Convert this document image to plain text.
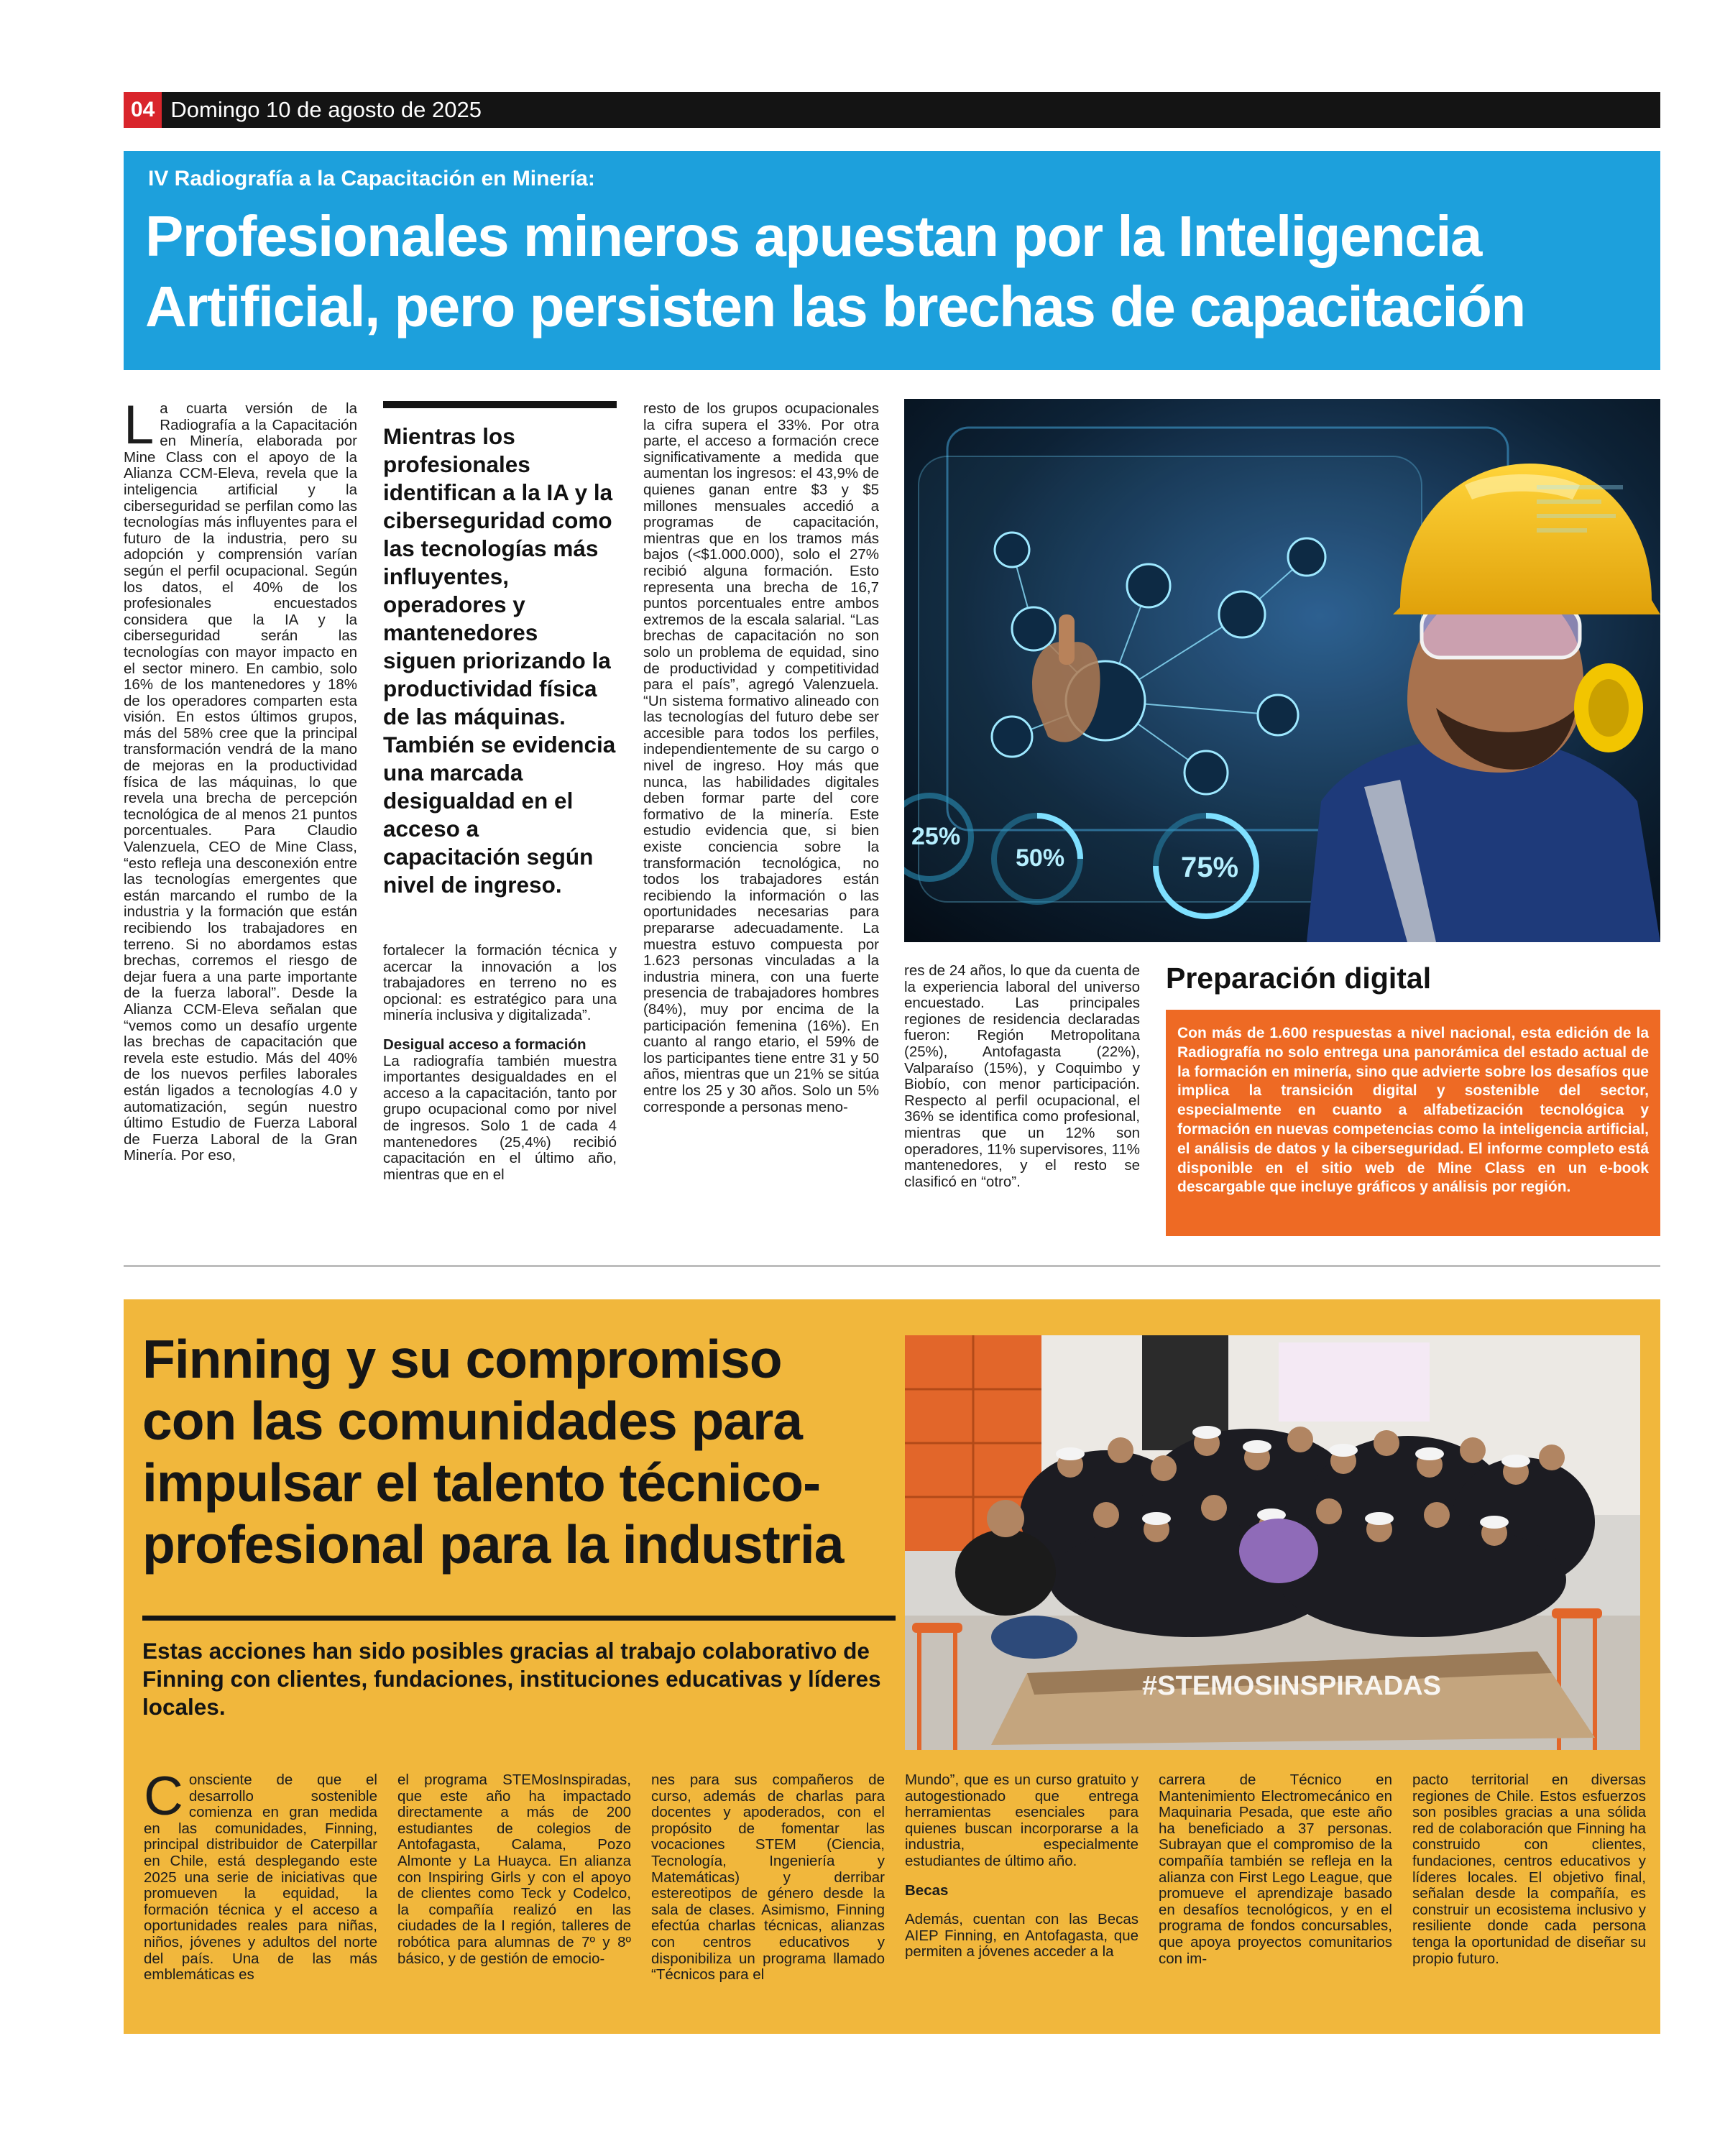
04 Domingo 10 de agosto de 2025
IV Radiografía a la Capacitación en Minería:
Profesionales mineros apuestan por la Inteligencia Artificial, pero persisten las brechas de capacitación
L a cuarta versión de la Radiografía a la Capacitación en Minería, elaborada por Mine Class con el apoyo de la Alianza CCM-Eleva, revela que la inteligencia artificial y la ciberseguridad se perfilan como las tecnologías más influyentes para el futuro de la industria, pero su adopción y comprensión varían según el perfil ocupacional. Según los datos, el 40% de los profesionales encuestados considera que la IA y la ciberseguridad serán las tecnologías con mayor impacto en el sector minero. En cambio, solo 16% de los mantenedores y 18% de los operadores comparten esta visión. En estos últimos grupos, más del 58% cree que la principal transformación vendrá de la mano de mejoras en la productividad física de las máquinas, lo que revela una brecha de percepción tecnológica de al menos 21 puntos porcentuales. Para Claudio Valenzuela, CEO de Mine Class, “esto refleja una desconexión entre las tecnologías emergentes que están marcando el rumbo de la industria y la formación que están recibiendo los trabajadores en terreno. Si no abordamos estas brechas, corremos el riesgo de dejar fuera a una parte importante de la fuerza laboral”. Desde la Alianza CCM-Eleva señalan que “vemos como un desafío urgente las brechas de capacitación que revela este estudio. Más del 40% de los nuevos perfiles laborales están ligados a tecnologías 4.0 y automatización, según nuestro último Estudio de Fuerza Laboral de Fuerza Laboral de la Gran Minería. Por eso,
Mientras los profesionales identifican a la IA y la ciberseguridad como las tecnologías más influyentes, operadores y mantenedores siguen priorizando la productividad física de las máquinas. También se evidencia una marcada desigualdad en el acceso a capacitación según nivel de ingreso.

fortalecer la formación técnica y acercar la innovación a los trabajadores en terreno no es opcional: es estratégico para una minería inclusiva y digitalizada”.

Desigual acceso a formación

La radiografía también muestra importantes desigualdades en el acceso a la capacitación, tanto por grupo ocupacional como por nivel de ingresos. Solo 1 de cada 4 mantenedores (25,4%) recibió capacitación en el último año, mientras que en el

resto de los grupos ocupacionales la cifra supera el 33%. Por otra parte, el acceso a formación crece significativamente a medida que aumentan los ingresos: el 43,9% de quienes ganan entre $3 y $5 millones mensuales accedió a programas de capacitación, mientras que en los tramos más bajos (<$1.000.000), solo el 27% recibió alguna formación. Esto representa una brecha de 16,7 puntos porcentuales entre ambos extremos de la escala salarial. “Las brechas de capacitación no son solo un problema de equidad, sino de productividad y competitividad para el país”, agregó Valenzuela. “Un sistema formativo alineado con las tecnologías del futuro debe ser accesible para todos los perfiles, independientemente de su cargo o nivel de ingreso. Hoy más que nunca, las habilidades digitales deben formar parte del core formativo de la minería. Este estudio evidencia que, si bien existe conciencia sobre la transformación tecnológica, no todos los trabajadores están recibiendo la información o las oportunidades necesarias para prepararse adecuadamente. La muestra estuvo compuesta por 1.623 personas vinculadas a la industria minera, con una fuerte presencia de trabajadores hombres (84%), muy por encima de la participación femenina (16%). En cuanto al rango etario, el 59% de los participantes tiene entre 31 y 50 años, mientras que un 21% se sitúa entre los 25 y 30 años. Solo un 5% corresponde a personas meno-
25%
50%	75%
res de 24 años, lo que da cuenta de la experiencia laboral del universo encuestado. Las principales regiones de residencia declaradas fueron: Región Metropolitana (25%), Antofagasta (22%), Valparaíso (15%), y Coquimbo y Biobío, con menor participación. Respecto al perfil ocupacional, el 36% se identifica como profesional, mientras que un 12% son operadores, 11% supervisores, 11% mantenedores, y el resto se clasificó en “otro”.
Preparación digital
Con más de 1.600 respuestas a nivel nacional, esta edición de la Radiografía no solo entrega una panorámica del estado actual de la formación en minería, sino que advierte sobre los desafíos que implica la transición digital y sostenible del sector, especialmente en cuanto a alfabetización tecnológica y formación en nuevas competencias como la inteligencia artificial, el análisis de datos y la ciberseguridad. El informe completo está disponible en el sitio web de Mine Class en un e-book descargable que incluye gráficos y análisis por región.
Finning y su compromiso con las comunidades para impulsar el talento técnico-profesional para la industria
Estas acciones han sido posibles gracias al trabajo colaborativo de Finning con clientes, fundaciones, instituciones educativas y líderes locales.
#STEMOSINSPIRADAS
C onsciente de que el desarrollo sostenible comienza en gran medida en las comunidades, Finning, principal distribuidor de Caterpillar en Chile, está desplegando este 2025 una serie de iniciativas que promueven la equidad, la formación técnica y el acceso a oportunidades reales para niñas, niños, jóvenes y adultos del norte del país. Una de las más emblemáticas es
el programa STEMosInspiradas, que este año ha impactado directamente a más de 200 estudiantes de colegios de Antofagasta, Calama, Pozo Almonte y La Huayca. En alianza con Inspiring Girls y con el apoyo de clientes como Teck y Codelco, la compañía realizó en las ciudades de la I región, talleres de robótica para alumnas de 7º y 8º básico, y de gestión de emocio-
nes para sus compañeros de curso, además de charlas para docentes y apoderados, con el propósito de fomentar las vocaciones STEM (Ciencia, Tecnología, Ingeniería y Matemáticas) y derribar estereotipos de género desde la sala de clases. Asimismo, Finning efectúa charlas técnicas, alianzas con centros educativos y disponibiliza un programa llamado “Técnicos para el

Mundo”, que es un curso gratuito y autogestionado que entrega herramientas esenciales para quienes buscan incorporarse a la industria, especialmente estudiantes de último año.

Becas

Además, cuentan con las Becas AIEP Finning, en Antofagasta, que permiten a jóvenes acceder a la

carrera de Técnico en Mantenimiento Electromecánico en Maquinaria Pesada, que este año ha beneficiado a 37 personas. Subrayan que el compromiso de la compañía también se refleja en la alianza con First Lego League, que promueve el aprendizaje basado en desafíos tecnológicos, y en el programa de fondos concursables, que apoya proyectos comunitarios con im-
pacto territorial en diversas regiones de Chile. Estos esfuerzos son posibles gracias a una sólida red de colaboración que Finning ha construido con clientes, fundaciones, centros educativos y líderes locales. El objetivo final, señalan desde la compañía, es construir un ecosistema inclusivo y resiliente donde cada persona tenga la oportunidad de diseñar su propio futuro.
